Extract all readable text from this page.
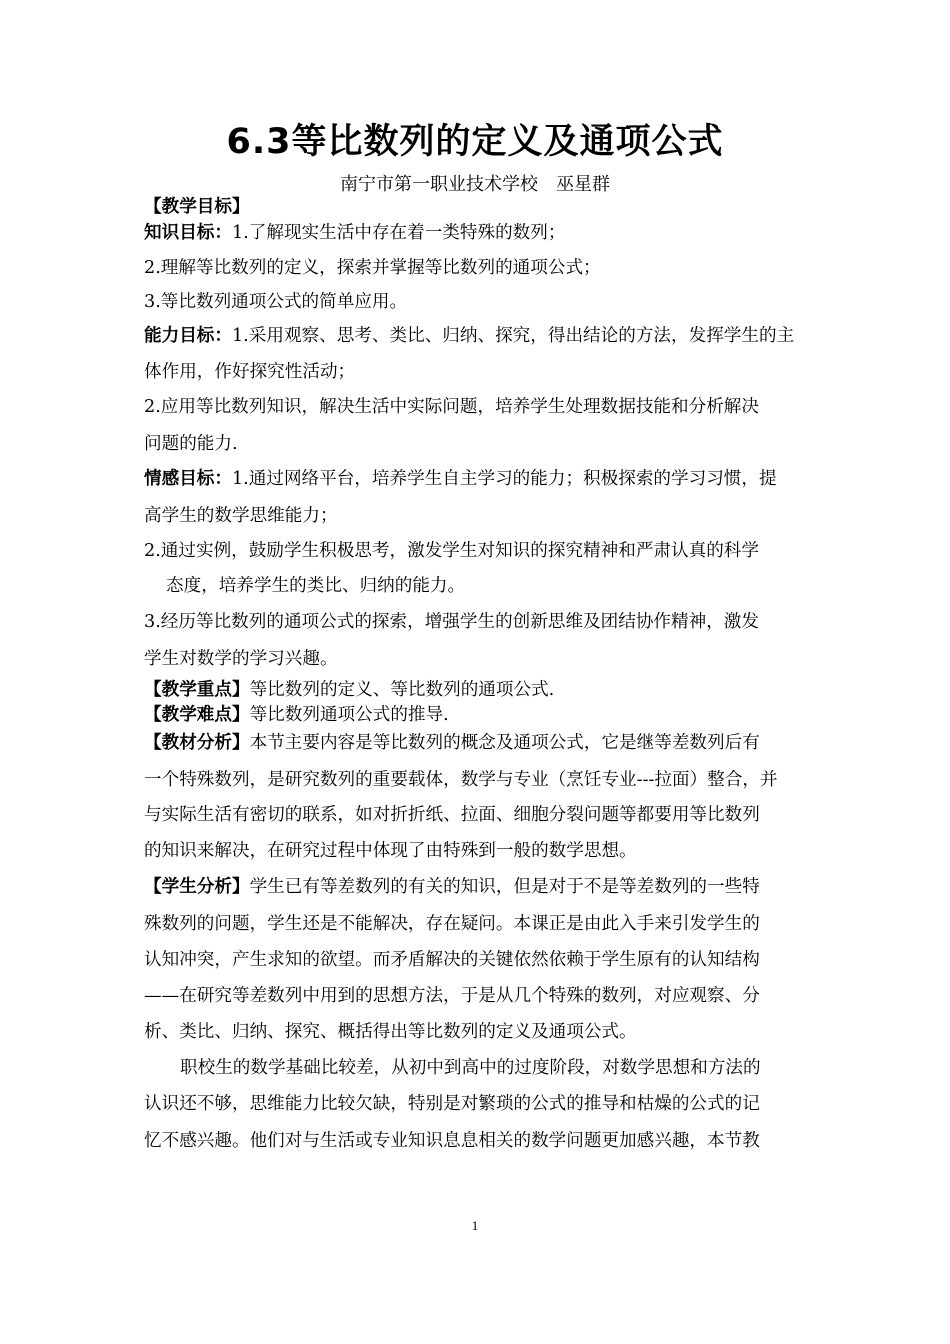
6.3等比数列的定义及通项公式
南宁市第一职业技术学校　巫星群
【教学目标】
知识目标：1.了解现实生活中存在着一类特殊的数列；
2.理解等比数列的定义，探索并掌握等比数列的通项公式；
3.等比数列通项公式的简单应用。
能力目标：1.采用观察、思考、类比、归纳、探究，得出结论的方法，发挥学生的主
体作用，作好探究性活动；
2.应用等比数列知识，解决生活中实际问题，培养学生处理数据技能和分析解决
问题的能力.
情感目标：1.通过网络平台，培养学生自主学习的能力；积极探索的学习习惯，提
高学生的数学思维能力；
2.通过实例，鼓励学生积极思考，激发学生对知识的探究精神和严肃认真的科学
态度，培养学生的类比、归纳的能力。
3.经历等比数列的通项公式的探索，增强学生的创新思维及团结协作精神，激发
学生对数学的学习兴趣。
【教学重点】等比数列的定义、等比数列的通项公式.
【教学难点】等比数列通项公式的推导.
【教材分析】本节主要内容是等比数列的概念及通项公式，它是继等差数列后有
一个特殊数列，是研究数列的重要载体，数学与专业（烹饪专业---拉面）整合，并
与实际生活有密切的联系，如对折折纸、拉面、细胞分裂问题等都要用等比数列
的知识来解决，在研究过程中体现了由特殊到一般的数学思想。
【学生分析】学生已有等差数列的有关的知识，但是对于不是等差数列的一些特
殊数列的问题，学生还是不能解决，存在疑问。本课正是由此入手来引发学生的
认知冲突，产生求知的欲望。而矛盾解决的关键依然依赖于学生原有的认知结构
——在研究等差数列中用到的思想方法，于是从几个特殊的数列，对应观察、分
析、类比、归纳、探究、概括得出等比数列的定义及通项公式。
职校生的数学基础比较差，从初中到高中的过度阶段，对数学思想和方法的
认识还不够，思维能力比较欠缺，特别是对繁琐的公式的推导和枯燥的公式的记
忆不感兴趣。他们对与生活或专业知识息息相关的数学问题更加感兴趣，本节教
1
